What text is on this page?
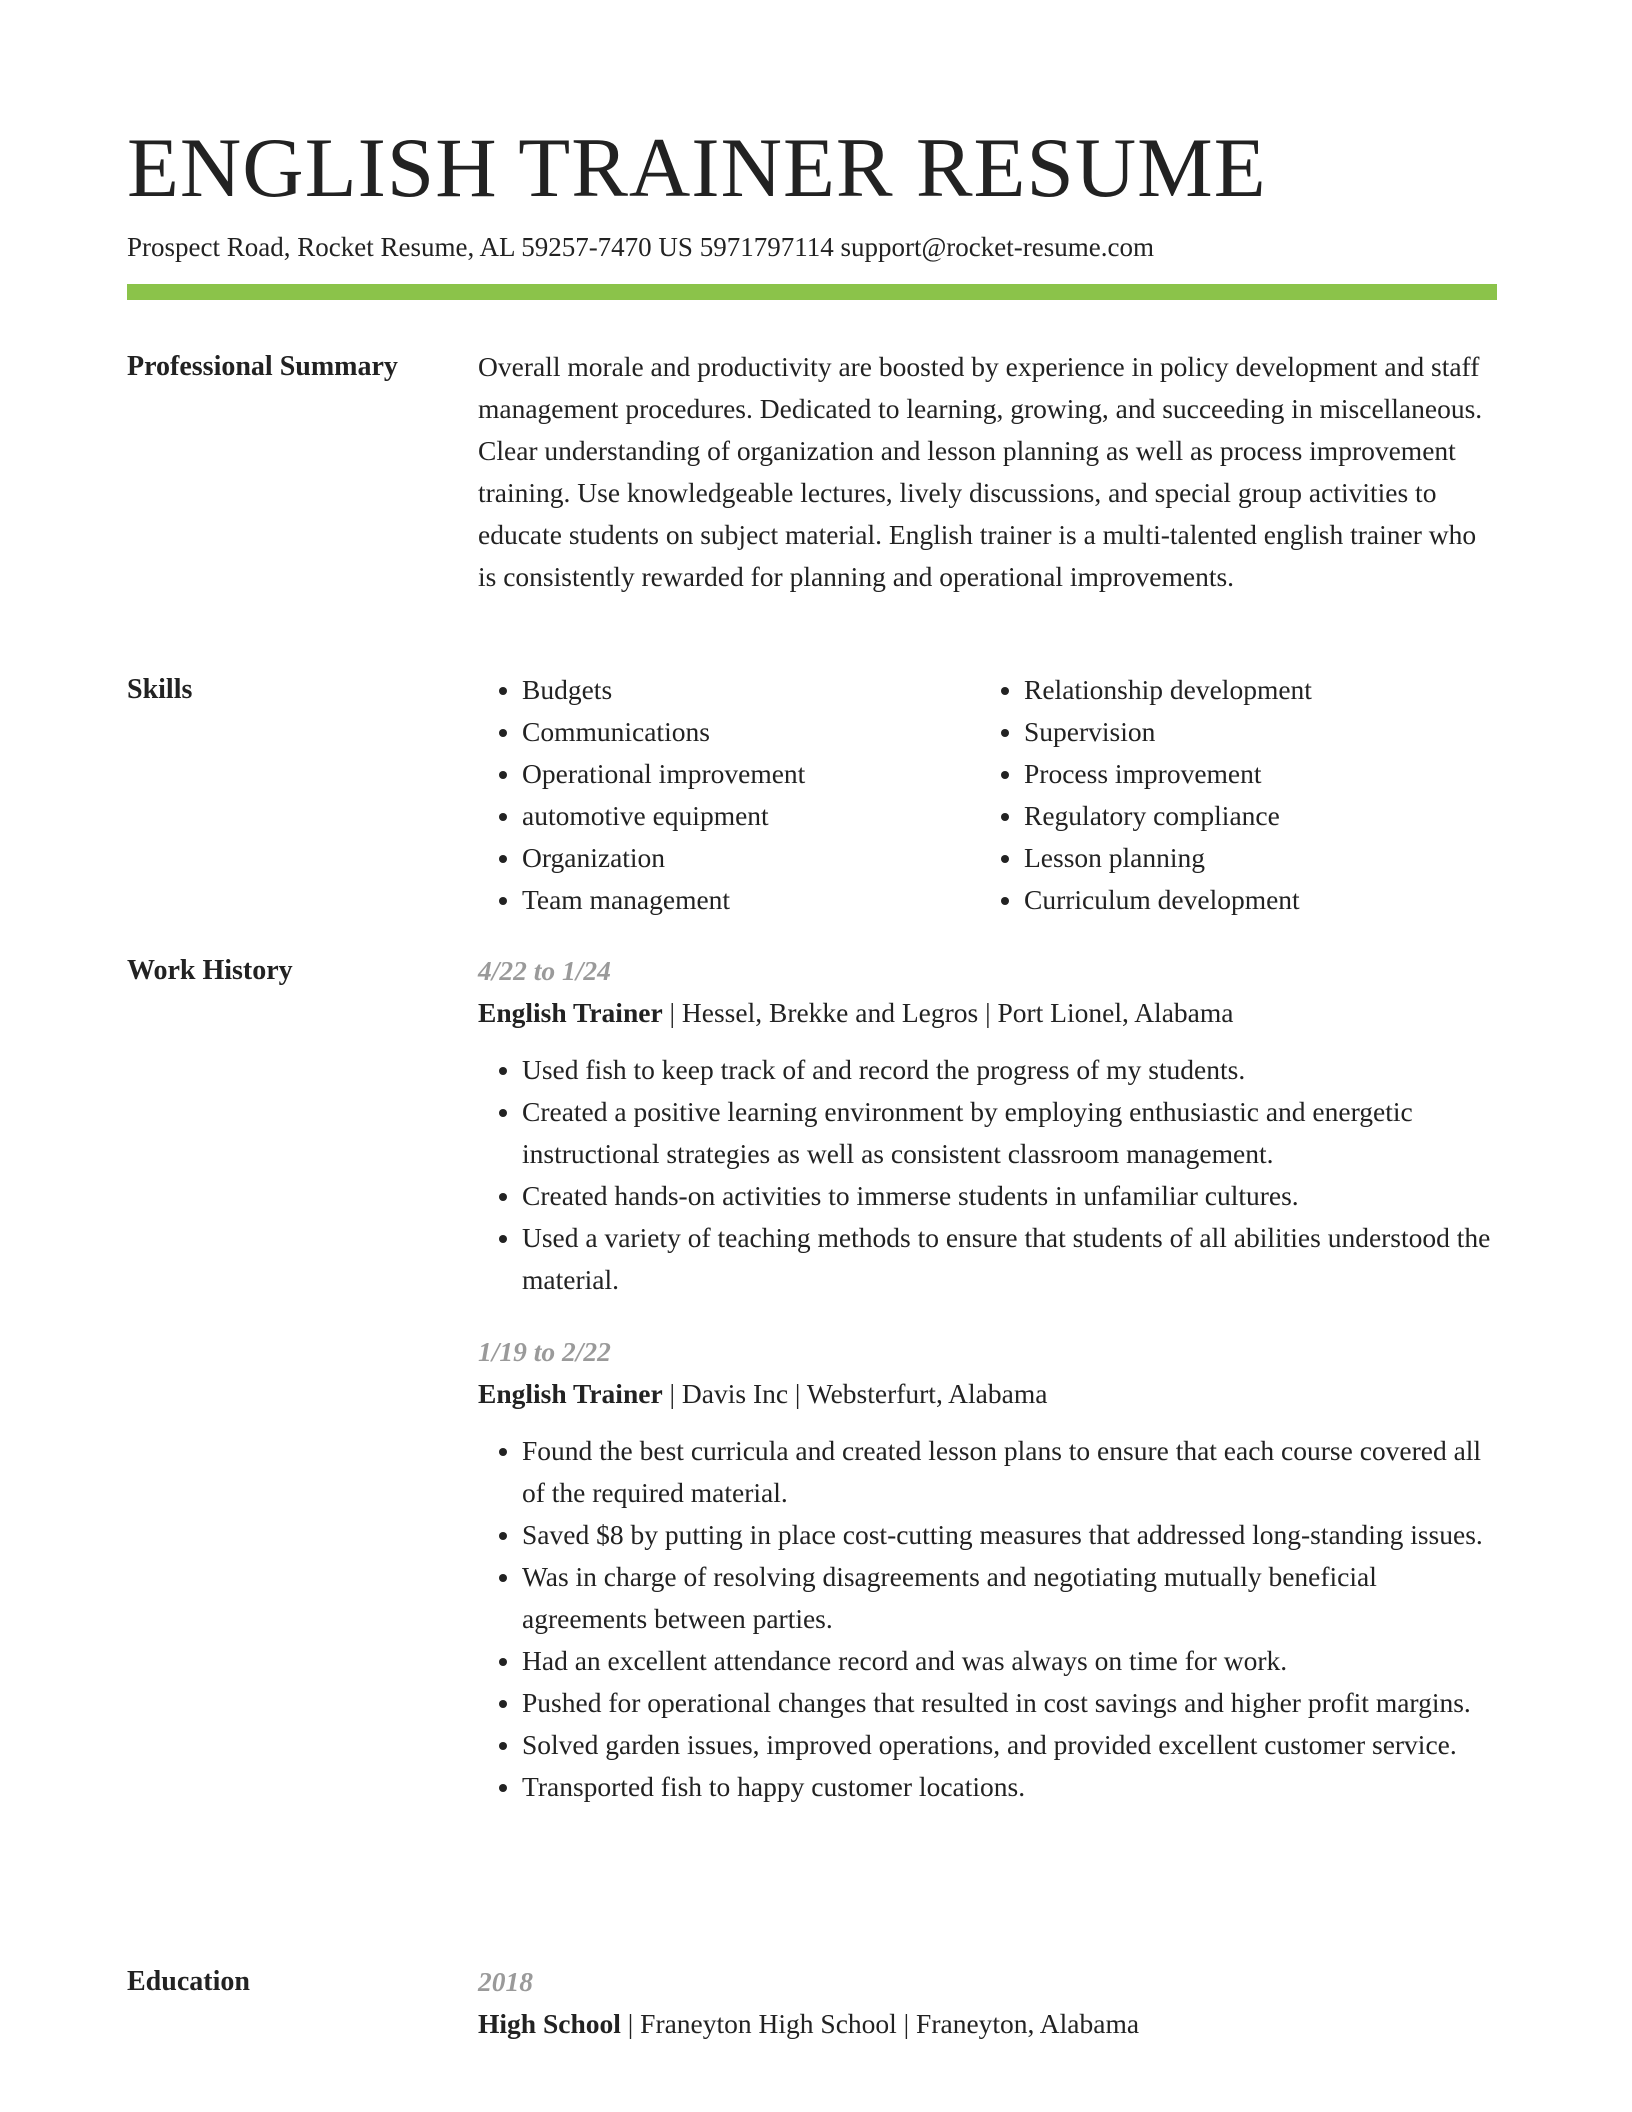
ENGLISH TRAINER RESUME
Prospect Road, Rocket Resume, AL 59257-7470 US 5971797114 support@rocket-resume.com
Professional Summary	Overall morale and productivity are boosted by experience in policy development and staff management procedures. Dedicated to learning, growing, and succeeding in miscellaneous. Clear understanding of organization and lesson planning as well as process improvement training. Use knowledgeable lectures, lively discussions, and special group activities to educate students on subject material. English trainer is a multi-talented english trainer who is consistently rewarded for planning and operational improvements.

Skills
•	Budgets
• Communications
• Operational improvement
• automotive equipment
• Organization
• Team management
• Relationship development
• Supervision
• Process improvement
• Regulatory compliance
• Lesson planning
• Curriculum development
Work History	4/22 to 1/24
English Trainer | Hessel, Brekke and Legros | Port Lionel, Alabama
• Used fish to keep track of and record the progress of my students.
• Created a positive learning environment by employing enthusiastic and energetic instructional strategies as well as consistent classroom management.
• Created hands-on activities to immerse students in unfamiliar cultures.
• Used a variety of teaching methods to ensure that students of all abilities understood the material.
1/19 to 2/22
English Trainer | Davis Inc | Websterfurt, Alabama
• Found the best curricula and created lesson plans to ensure that each course covered all of the required material.
• Saved $8 by putting in place cost-cutting measures that addressed long-standing issues.
• Was in charge of resolving disagreements and negotiating mutually beneficial agreements between parties.
• Had an excellent attendance record and was always on time for work.
• Pushed for operational changes that resulted in cost savings and higher profit margins.
• Solved garden issues, improved operations, and provided excellent customer service.
• Transported fish to happy customer locations.
Education	2018
High School | Franeyton High School | Franeyton, Alabama
